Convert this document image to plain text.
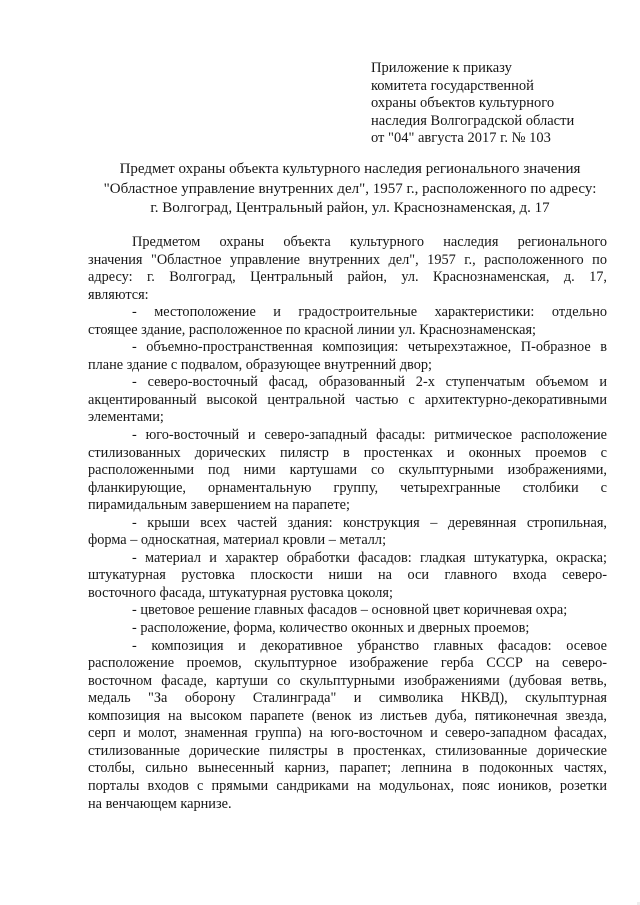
Приложение к приказу
комитета государственной
охраны объектов культурного
наследия Волгоградской области
от "04" августа 2017 г. № 103
Предмет охраны объекта культурного наследия регионального значения
"Областное управление внутренних дел", 1957 г., расположенного по адресу:
г. Волгоград, Центральный район, ул. Краснознаменская, д. 17
Предметом охраны объекта культурного наследия регионального
значения "Областное управление внутренних дел", 1957 г., расположенного по
адресу: г. Волгоград, Центральный район, ул. Краснознаменская, д. 17,
являются:
- местоположение и градостроительные характеристики: отдельно
стоящее здание, расположенное по красной линии ул. Краснознаменская;
- объемно-пространственная композиция: четырехэтажное, П-образное в
плане здание с подвалом, образующее внутренний двор;
- северо-восточный фасад, образованный 2-х ступенчатым объемом и
акцентированный высокой центральной частью с архитектурно-декоративными
элементами;
- юго-восточный и северо-западный фасады: ритмическое расположение
стилизованных дорических пилястр в простенках и оконных проемов с
расположенными под ними картушами со скульптурными изображениями,
фланкирующие, орнаментальную группу, четырехгранные столбики с
пирамидальным завершением на парапете;
- крыши всех частей здания: конструкция – деревянная стропильная,
форма – односкатная, материал кровли – металл;
- материал и характер обработки фасадов: гладкая штукатурка, окраска;
штукатурная рустовка плоскости ниши на оси главного входа северо-
восточного фасада, штукатурная рустовка цоколя;
- цветовое решение главных фасадов – основной цвет коричневая охра;
- расположение, форма, количество оконных и дверных проемов;
- композиция и декоративное убранство главных фасадов: осевое
расположение проемов, скульптурное изображение герба СССР на северо-
восточном фасаде, картуши со скульптурными изображениями (дубовая ветвь,
медаль "За оборону Сталинграда" и символика НКВД), скульптурная
композиция на высоком парапете (венок из листьев дуба, пятиконечная звезда,
серп и молот, знаменная группа) на юго-восточном и северо-западном фасадах,
стилизованные дорические пилястры в простенках, стилизованные дорические
столбы, сильно вынесенный карниз, парапет; лепнина в подоконных частях,
порталы входов с прямыми сандриками на модульонах, пояс иоников, розетки
на венчающем карнизе.
